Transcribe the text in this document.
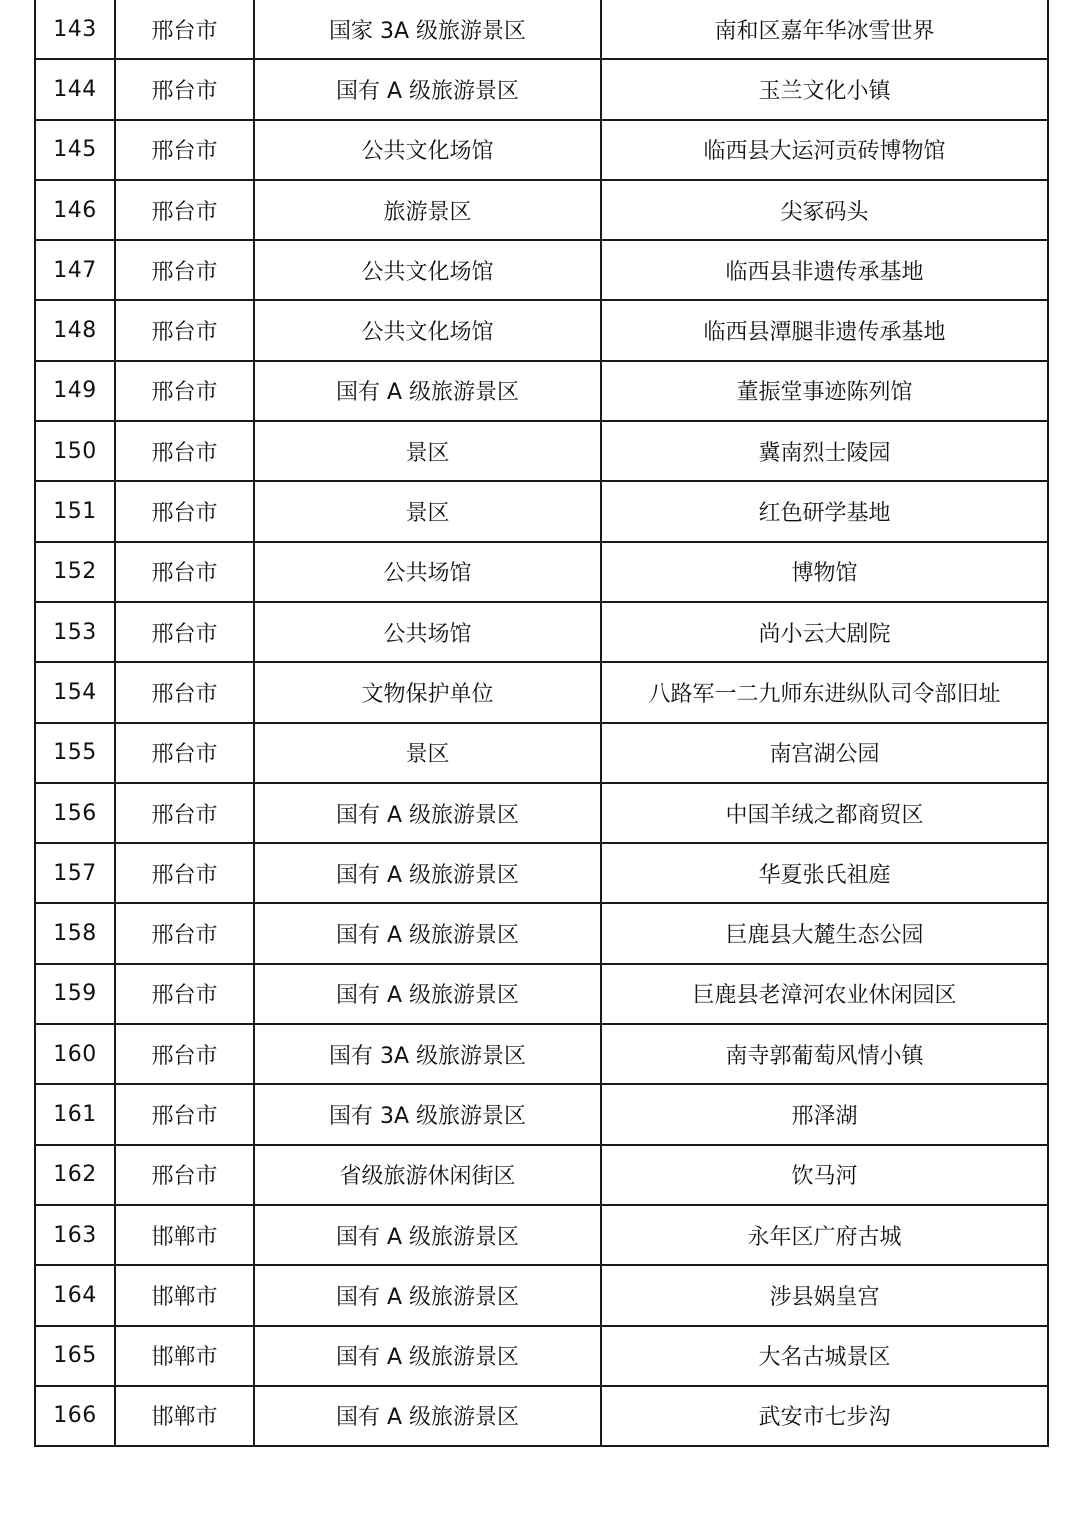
143	邢台市	国家 3A 级旅游景区	南和区嘉年华冰雪世界
144	邢台市	国有 A 级旅游景区	玉兰文化小镇
145	邢台市	公共文化场馆	临西县大运河贡砖博物馆
146	邢台市	旅游景区	尖冢码头
147	邢台市	公共文化场馆	临西县非遗传承基地
148	邢台市	公共文化场馆	临西县潭腿非遗传承基地
149	邢台市	国有 A 级旅游景区	董振堂事迹陈列馆
150	邢台市	景区	冀南烈士陵园
151	邢台市	景区	红色研学基地
152	邢台市	公共场馆	博物馆
153	邢台市	公共场馆	尚小云大剧院
154	邢台市	文物保护单位	八路军一二九师东进纵队司令部旧址
155	邢台市	景区	南宫湖公园
156	邢台市	国有 A 级旅游景区	中国羊绒之都商贸区
157	邢台市	国有 A 级旅游景区	华夏张氏祖庭
158	邢台市	国有 A 级旅游景区	巨鹿县大麓生态公园
159	邢台市	国有 A 级旅游景区	巨鹿县老漳河农业休闲园区
160	邢台市	国有 3A 级旅游景区	南寺郭葡萄风情小镇
161	邢台市	国有 3A 级旅游景区	邢泽湖
162	邢台市	省级旅游休闲街区	饮马河
163	邯郸市	国有 A 级旅游景区	永年区广府古城
164	邯郸市	国有 A 级旅游景区	涉县娲皇宫
165	邯郸市	国有 A 级旅游景区	大名古城景区
166	邯郸市	国有 A 级旅游景区	武安市七步沟
